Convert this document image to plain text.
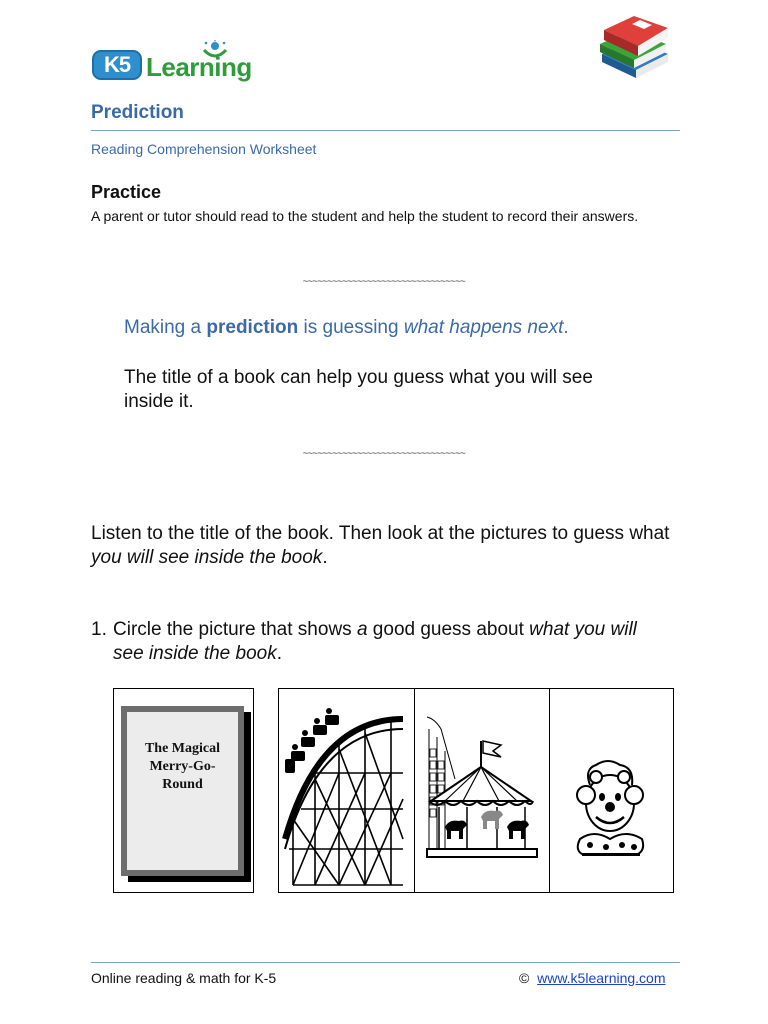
K5 Learning
Prediction
Reading Comprehension Worksheet
Practice
A parent or tutor should read to the student and help the student to record their answers.
~~~~~~~~~~~~~~~~~~~~~~~~~~~~~~~~~
Making a prediction is guessing what happens next.
The title of a book can help you guess what you will see inside it.
~~~~~~~~~~~~~~~~~~~~~~~~~~~~~~~~~
Listen to the title of the book. Then look at the pictures to guess what you will see inside the book.
1. Circle the picture that shows a good guess about what you will
see inside the book.
The Magical
Merry-Go-
Round
Online reading & math for K-5	© www.k5learning.com
